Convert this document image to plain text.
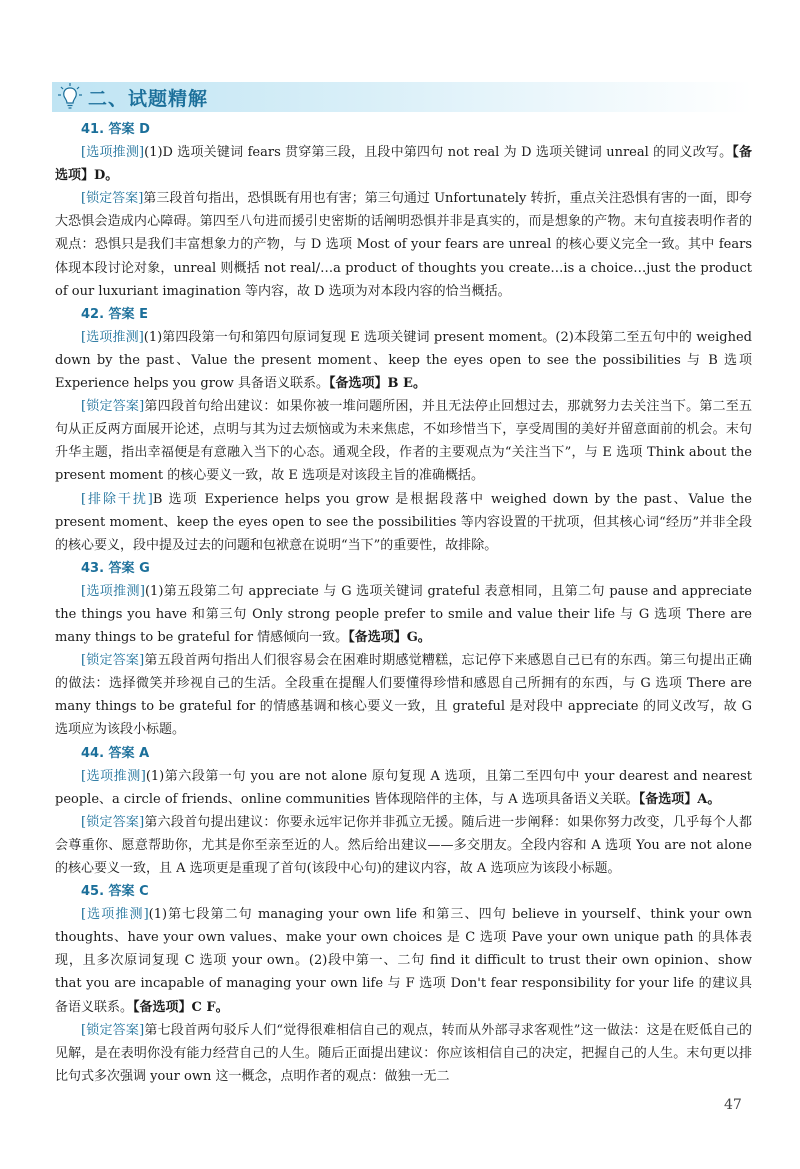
二、试题精解

41. 答案 D

[选项推测](1)D 选项关键词 fears 贯穿第三段，且段中第四句 not real 为 D 选项关键词 unreal 的同义改写。【备选项】D。

[锁定答案]第三段首句指出，恐惧既有用也有害；第三句通过 Unfortunately 转折，重点关注恐惧有害的一面，即夸大恐惧会造成内心障碍。第四至八句进而援引史密斯的话阐明恐惧并非是真实的，而是想象的产物。末句直接表明作者的观点：恐惧只是我们丰富想象力的产物，与 D 选项 Most of your fears are unreal 的核心要义完全一致。其中 fears 体现本段讨论对象，unreal 则概括 not real/…a product of thoughts you create…is a choice…just the product of our luxuriant imagination 等内容，故 D 选项为对本段内容的恰当概括。

42. 答案 E

[选项推测](1)第四段第一句和第四句原词复现 E 选项关键词 present moment。(2)本段第二至五句中的 weighed down by the past、Value the present moment、keep the eyes open to see the possibilities 与 B 选项 Experience helps you grow 具备语义联系。【备选项】B E。

[锁定答案]第四段首句给出建议：如果你被一堆问题所困，并且无法停止回想过去，那就努力去关注当下。第二至五句从正反两方面展开论述，点明与其为过去烦恼或为未来焦虑，不如珍惜当下，享受周围的美好并留意面前的机会。末句升华主题，指出幸福便是有意融入当下的心态。通观全段，作者的主要观点为“关注当下”，与 E 选项 Think about the present moment 的核心要义一致，故 E 选项是对该段主旨的准确概括。

[排除干扰]B 选项 Experience helps you grow 是根据段落中 weighed down by the past、Value the present moment、keep the eyes open to see the possibilities 等内容设置的干扰项，但其核心词“经历”并非全段的核心要义，段中提及过去的问题和包袱意在说明“当下”的重要性，故排除。

43. 答案 G

[选项推测](1)第五段第二句 appreciate 与 G 选项关键词 grateful 表意相同，且第二句 pause and appreciate the things you have 和第三句 Only strong people prefer to smile and value their life 与 G 选项 There are many things to be grateful for 情感倾向一致。【备选项】G。

[锁定答案]第五段首两句指出人们很容易会在困难时期感觉糟糕，忘记停下来感恩自己已有的东西。第三句提出正确的做法：选择微笑并珍视自己的生活。全段重在提醒人们要懂得珍惜和感恩自己所拥有的东西，与 G 选项 There are many things to be grateful for 的情感基调和核心要义一致，且 grateful 是对段中 appreciate 的同义改写，故 G 选项应为该段小标题。

44. 答案 A

[选项推测](1)第六段第一句 you are not alone 原句复现 A 选项，且第二至四句中 your dearest and nearest people、a circle of friends、online communities 皆体现陪伴的主体，与 A 选项具备语义关联。【备选项】A。

[锁定答案]第六段首句提出建议：你要永远牢记你并非孤立无援。随后进一步阐释：如果你努力改变，几乎每个人都会尊重你、愿意帮助你，尤其是你至亲至近的人。然后给出建议——多交朋友。全段内容和 A 选项 You are not alone 的核心要义一致，且 A 选项更是重现了首句(该段中心句)的建议内容，故 A 选项应为该段小标题。

45. 答案 C

[选项推测](1)第七段第二句 managing your own life 和第三、四句 believe in yourself、think your own thoughts、have your own values、make your own choices 是 C 选项 Pave your own unique path 的具体表现，且多次原词复现 C 选项 your own。(2)段中第一、二句 find it difficult to trust their own opinion、show that you are incapable of managing your own life 与 F 选项 Don't fear responsibility for your life 的建议具备语义联系。【备选项】C F。

[锁定答案]第七段首两句驳斥人们“觉得很难相信自己的观点，转而从外部寻求客观性”这一做法：这是在贬低自己的见解，是在表明你没有能力经营自己的人生。随后正面提出建议：你应该相信自己的决定，把握自己的人生。末句更以排比句式多次强调 your own 这一概念，点明作者的观点：做独一无二

47
